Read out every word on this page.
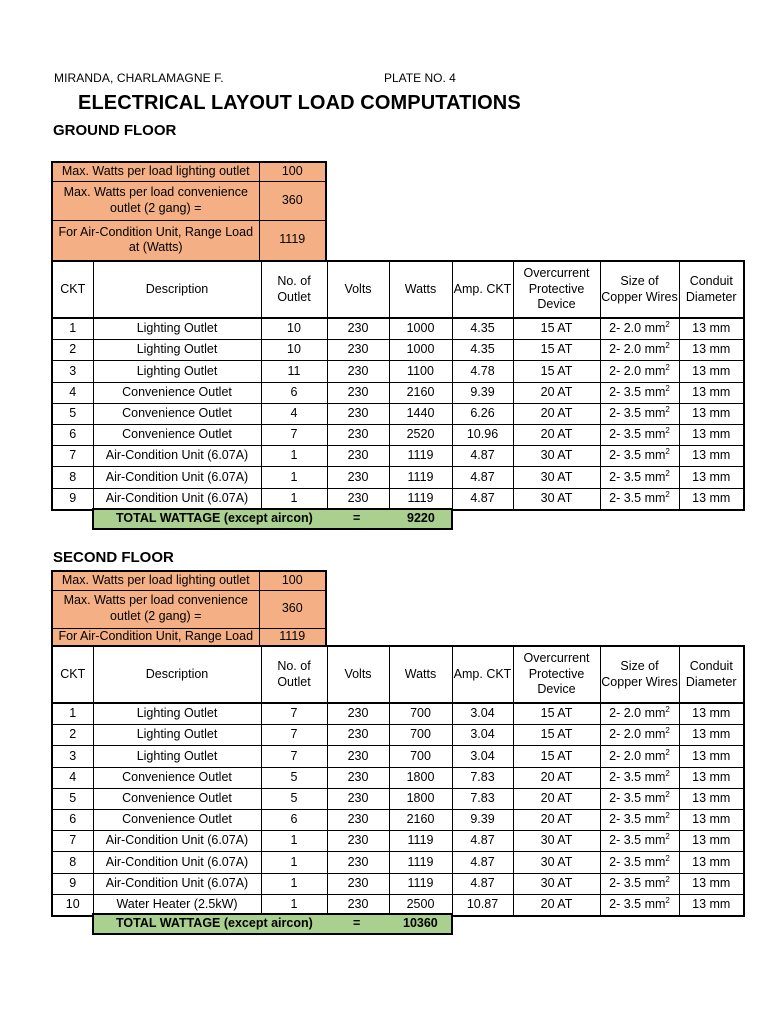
MIRANDA, CHARLAMAGNE F.	PLATE NO. 4
ELECTRICAL LAYOUT LOAD COMPUTATIONS
GROUND FLOOR
Max. Watts per load lighting outlet	100
Max. Watts per load convenience outlet (2 gang) =	360
For Air-Condition Unit, Range Load at (Watts)	1119
CKT	Description	No. of Outlet	Volts	Watts	Amp. CKT	Overcurrent Protective Device	Size of Copper Wires	Conduit Diameter
1	Lighting Outlet	10	230	1000	4.35	15 AT	2- 2.0 $mm^2$	13 mm
2	Lighting Outlet	10	230	1000	4.35	15 AT	2- 2.0 $mm^2$	13 mm
3	Lighting Outlet	11	230	1100	4.78	15 AT	2- 2.0 $mm^2$	13 mm
4	Convenience Outlet	6	230	2160	9.39	20 AT	2- 3.5 $mm^2$	13 mm
5	Convenience Outlet	4	230	1440	6.26	20 AT	2- 3.5 $mm^2$	13 mm
6	Convenience Outlet	7	230	2520	10.96	20 AT	2- 3.5 $mm^2$	13 mm
7	Air-Condition Unit (6.07A)	1	230	1119	4.87	30 AT	2- 3.5 $mm^2$	13 mm
8	Air-Condition Unit (6.07A)	1	230	1119	4.87	30 AT	2- 3.5 $mm^2$	13 mm
9	Air-Condition Unit (6.07A)	1	230	1119	4.87	30 AT	2- 3.5 $mm^2$	13 mm
TOTAL WATTAGE (except aircon)	=	9220
SECOND FLOOR
Max. Watts per load lighting outlet	100
Max. Watts per load convenience outlet (2 gang) =	360
For Air-Condition Unit, Range Load	1119
CKT	Description	No. of Outlet	Volts	Watts	Amp. CKT	Overcurrent Protective Device	Size of Copper Wires	Conduit Diameter
1	Lighting Outlet	7	230	700	3.04	15 AT	2- 2.0 $mm^2$	13 mm
2	Lighting Outlet	7	230	700	3.04	15 AT	2- 2.0 $mm^2$	13 mm
3	Lighting Outlet	7	230	700	3.04	15 AT	2- 2.0 $mm^2$	13 mm
4	Convenience Outlet	5	230	1800	7.83	20 AT	2- 3.5 $mm^2$	13 mm
5	Convenience Outlet	5	230	1800	7.83	20 AT	2- 3.5 $mm^2$	13 mm
6	Convenience Outlet	6	230	2160	9.39	20 AT	2- 3.5 $mm^2$	13 mm
7	Air-Condition Unit (6.07A)	1	230	1119	4.87	30 AT	2- 3.5 $mm^2$	13 mm
8	Air-Condition Unit (6.07A)	1	230	1119	4.87	30 AT	2- 3.5 $mm^2$	13 mm
9	Air-Condition Unit (6.07A)	1	230	1119	4.87	30 AT	2- 3.5 $mm^2$	13 mm
10	Water Heater (2.5kW)	1	230	2500	10.87	20 AT	2- 3.5 $mm^2$	13 mm
TOTAL WATTAGE (except aircon)	=	10360
